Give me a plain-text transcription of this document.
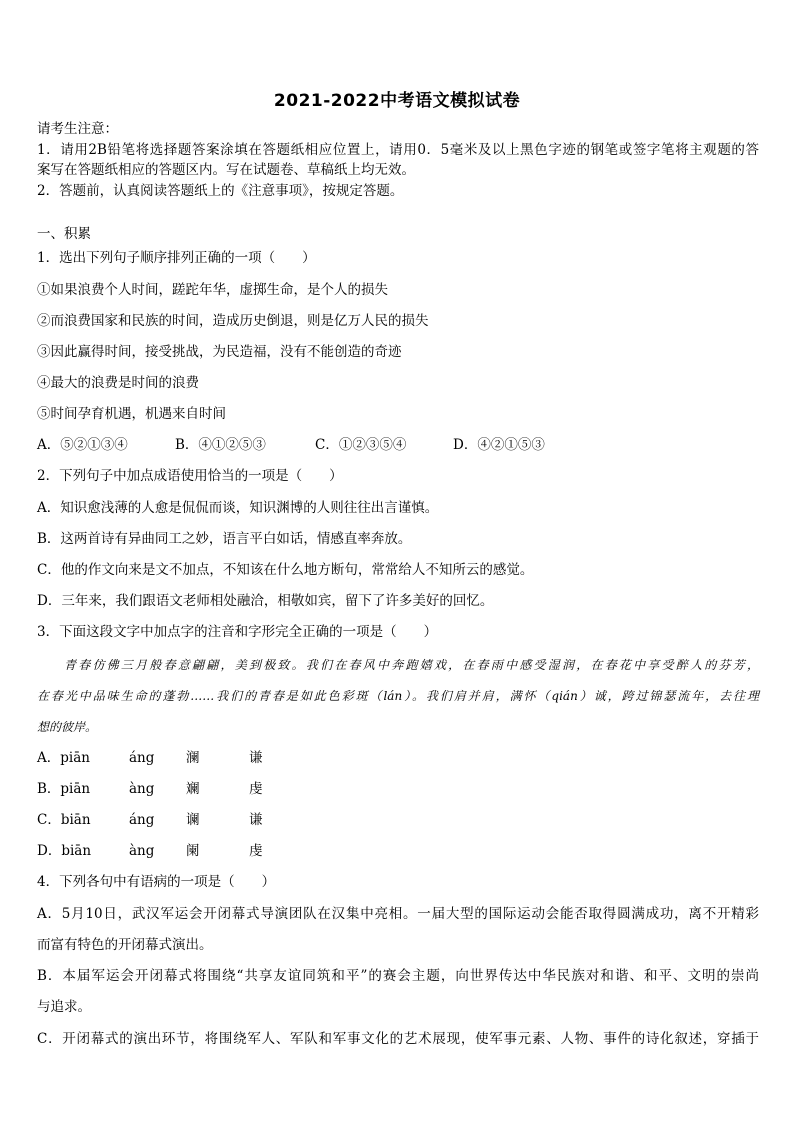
2021-2022中考语文模拟试卷
请考生注意：
1．请用2B铅笔将选择题答案涂填在答题纸相应位置上，请用0．5毫米及以上黑色字迹的钢笔或签字笔将主观题的答
案写在答题纸相应的答题区内。写在试题卷、草稿纸上均无效。
2．答题前，认真阅读答题纸上的《注意事项》，按规定答题。
一、积累
1．选出下列句子顺序排列正确的一项（　　）
①如果浪费个人时间，蹉跎年华，虚掷生命，是个人的损失
②而浪费国家和民族的时间，造成历史倒退，则是亿万人民的损失
③因此赢得时间，接受挑战，为民造福，没有不能创造的奇迹
④最大的浪费是时间的浪费
⑤时间孕育机遇，机遇来自时间
A．⑤②①③④	B．④①②⑤③	C．①②③⑤④	D．④②①⑤③
2．下列句子中加点成语使用恰当的一项是（　　）
A．知识愈浅薄的人愈是侃侃而谈，知识渊博的人则往往出言谨慎。
B．这两首诗有异曲同工之妙，语言平白如话，情感直率奔放。
C．他的作文向来是文不加点，不知该在什么地方断句，常常给人不知所云的感觉。
D．三年来，我们跟语文老师相处融洽，相敬如宾，留下了许多美好的回忆。
3．下面这段文字中加点字的注音和字形完全正确的一项是（　　）
青春仿佛三月般春意翩翩，美到极致。我们在春风中奔跑嬉戏，在春雨中感受湿润，在春花中享受醉人的芬芳，
在春光中品味生命的蓬勃……我们的青春是如此色彩斑（lán）。我们肩并肩，满怀（qián）诚，跨过锦瑟流年，去往理
想的彼岸。
A．piān	áng 澜	谦
B．piān	àng 斓	虔
C．biān	áng 谰	谦
D．biān	àng 阑	虔
4．下列各句中有语病的一项是（　　）
A．5月10日，武汉军运会开闭幕式导演团队在汉集中亮相。一届大型的国际运动会能否取得圆满成功，离不开精彩
而富有特色的开闭幕式演出。
B．本届军运会开闭幕式将围绕“共享友谊同筑和平”的赛会主题，向世界传达中华民族对和谐、和平、文明的崇尚
与追求。
C．开闭幕式的演出环节，将围绕军人、军队和军事文化的艺术展现，使军事元素、人物、事件的诗化叙述，穿插于
